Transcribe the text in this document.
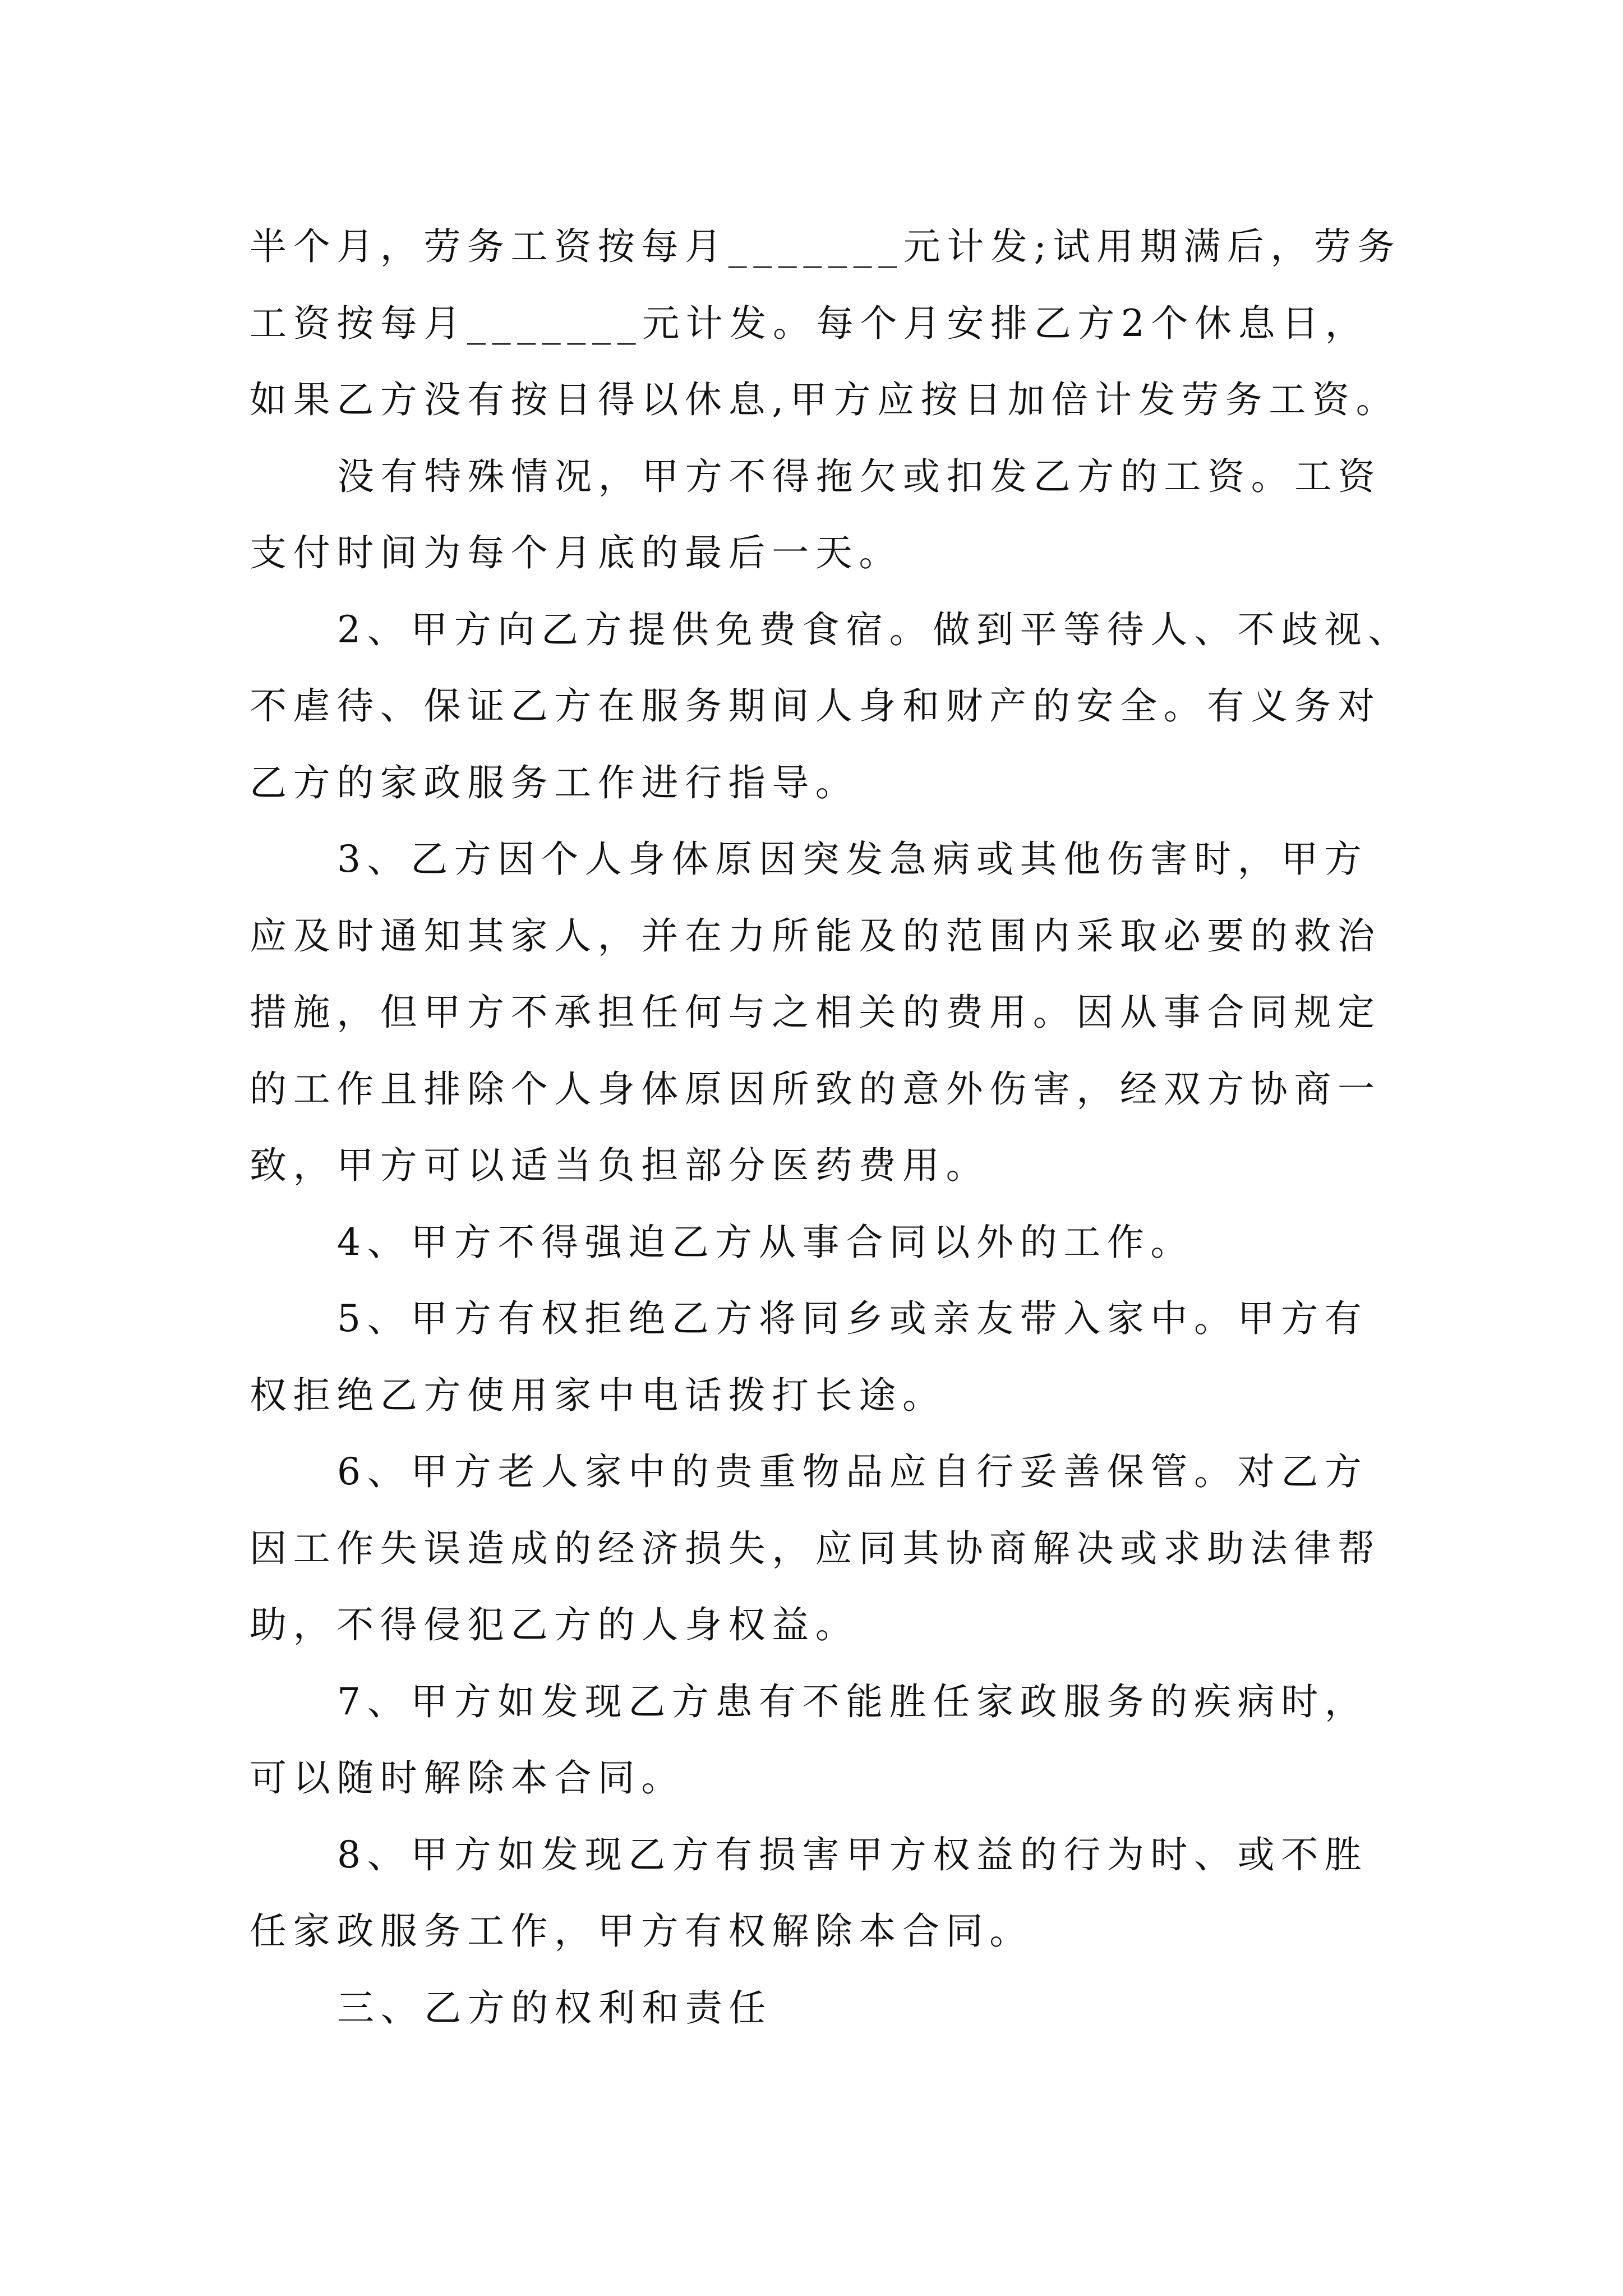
半个月，劳务工资按每月_______元计发;试用期满后，劳务
工资按每月_______元计发。每个月安排乙方2个休息日，
如果乙方没有按日得以休息,甲方应按日加倍计发劳务工资。
没有特殊情况，甲方不得拖欠或扣发乙方的工资。工资
支付时间为每个月底的最后一天。
2、甲方向乙方提供免费食宿。做到平等待人、不歧视、
不虐待、保证乙方在服务期间人身和财产的安全。有义务对
乙方的家政服务工作进行指导。
3、乙方因个人身体原因突发急病或其他伤害时，甲方
应及时通知其家人，并在力所能及的范围内采取必要的救治
措施，但甲方不承担任何与之相关的费用。因从事合同规定
的工作且排除个人身体原因所致的意外伤害，经双方协商一
致，甲方可以适当负担部分医药费用。
4、甲方不得强迫乙方从事合同以外的工作。
5、甲方有权拒绝乙方将同乡或亲友带入家中。甲方有
权拒绝乙方使用家中电话拨打长途。
6、甲方老人家中的贵重物品应自行妥善保管。对乙方
因工作失误造成的经济损失，应同其协商解决或求助法律帮
助，不得侵犯乙方的人身权益。
7、甲方如发现乙方患有不能胜任家政服务的疾病时，
可以随时解除本合同。
8、甲方如发现乙方有损害甲方权益的行为时、或不胜
任家政服务工作，甲方有权解除本合同。
三、乙方的权利和责任
